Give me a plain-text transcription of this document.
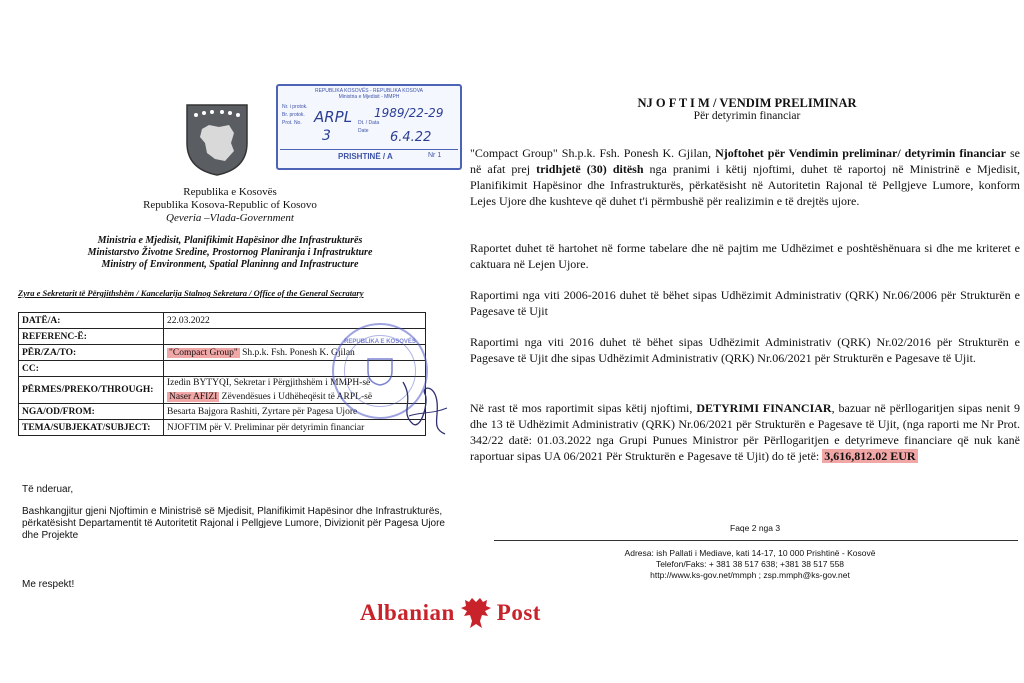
REPUBLIKA KOSOVËS - REPUBLIKA KOSOVA
Ministria e Mjedisit - MMPH
Nr. i protok.
Br. protok.
Prot. No.	Dt. / Data
Date
ARPL
3
1989/22-29
6.4.22
PRISHTINË / A	Nr 1
Republika e Kosovës
Republika Kosova-Republic of Kosovo
Qeveria –Vlada-Government
Ministria e Mjedisit, Planifikimit Hapësinor dhe Infrastrukturës
Ministarstvo Životne Sredine, Prostornog Planiranja i Infrastrukture
Ministry of Environment, Spatial Planinng and Infrastructure
Zyra e Sekretarit të Përgjithshëm / Kancelarija Stalnog Sekretara / Office of the General Secratary
DATË/A:	22.03.2022
REFERENC-Ë:	
PËR/ZA/TO:	"Compact Group" Sh.p.k. Fsh. Ponesh K. Gjilan
CC:	
PËRMES/PREKO/THROUGH:	Izedin BYTYQI, Sekretar i Përgjithshëm i MMPH-së
Naser AFIZI Zëvendësues i Udhëheqësit të ARPL-së

NGA/OD/FROM:	Besarta Bajgora Rashiti, Zyrtare për Pagesa Ujore
TEMA/SUBJEKAT/SUBJECT:	NJOFTIM për V. Preliminar për detyrimin financiar
REPUBLIKA E KOSOVËS
Të nderuar,
Bashkangjitur gjeni Njoftimin e Ministrisë së Mjedisit, Planifikimit Hapësinor dhe Infrastrukturës, përkatësisht Departamentit të Autoritetit Rajonal i Pellgjeve Lumore, Divizionit për Pagesa Ujore dhe Projekte
Me respekt!
NJ O F T I M / VENDIM PRELIMINAR
Për detyrimin financiar
"Compact Group" Sh.p.k. Fsh. Ponesh K. Gjilan, Njoftohet për Vendimin preliminar/ detyrimin financiar se në afat prej tridhjetë (30) ditësh nga pranimi i këtij njoftimi, duhet të raportoj në Ministrinë e Mjedisit, Planifikimit Hapësinor dhe Infrastrukturës, përkatësisht në Autoritetin Rajonal të Pellgjeve Lumore, konform Lejes Ujore dhe kushteve që duhet t'i përmbushë për realizimin e të drejtës ujore.
Raportet duhet të hartohet në forme tabelare dhe në pajtim me Udhëzimet e poshtëshënuara si dhe me kriteret e caktuara në Lejen Ujore.
Raportimi nga viti 2006-2016 duhet të bëhet sipas Udhëzimit Administrativ (QRK) Nr.06/2006 për Strukturën e Pagesave të Ujit
Raportimi nga viti 2016 duhet të bëhet sipas Udhëzimit Administrativ (QRK) Nr.02/2016 për Strukturën e Pagesave të Ujit dhe sipas Udhëzimit Administrativ (QRK) Nr.06/2021 për Strukturën e Pagesave të Ujit.
Në rast të mos raportimit sipas këtij njoftimi, DETYRIMI FINANCIAR, bazuar në përllogaritjen sipas nenit 9 dhe 13 të Udhëzimit Administrativ (QRK) Nr.06/2021 për Strukturën e Pagesave të Ujit, (nga raporti me Nr Prot. 342/22 datë: 01.03.2022 nga Grupi Punues Ministror për Përllogaritjen e detyrimeve financiare që nuk kanë raportuar sipas UA 06/2021 Për Strukturën e Pagesave të Ujit) do të jetë: 3,616,812.02 EUR
Faqe 2 nga 3
Adresa: ish Pallati i Mediave, kati 14-17, 10 000 Prishtinë - Kosovë
Telefon/Faks: + 381 38 517 638; +381 38 517 558
http://www.ks-gov.net/mmph ; zsp.mmph@ks-gov.net
Albanian Post
